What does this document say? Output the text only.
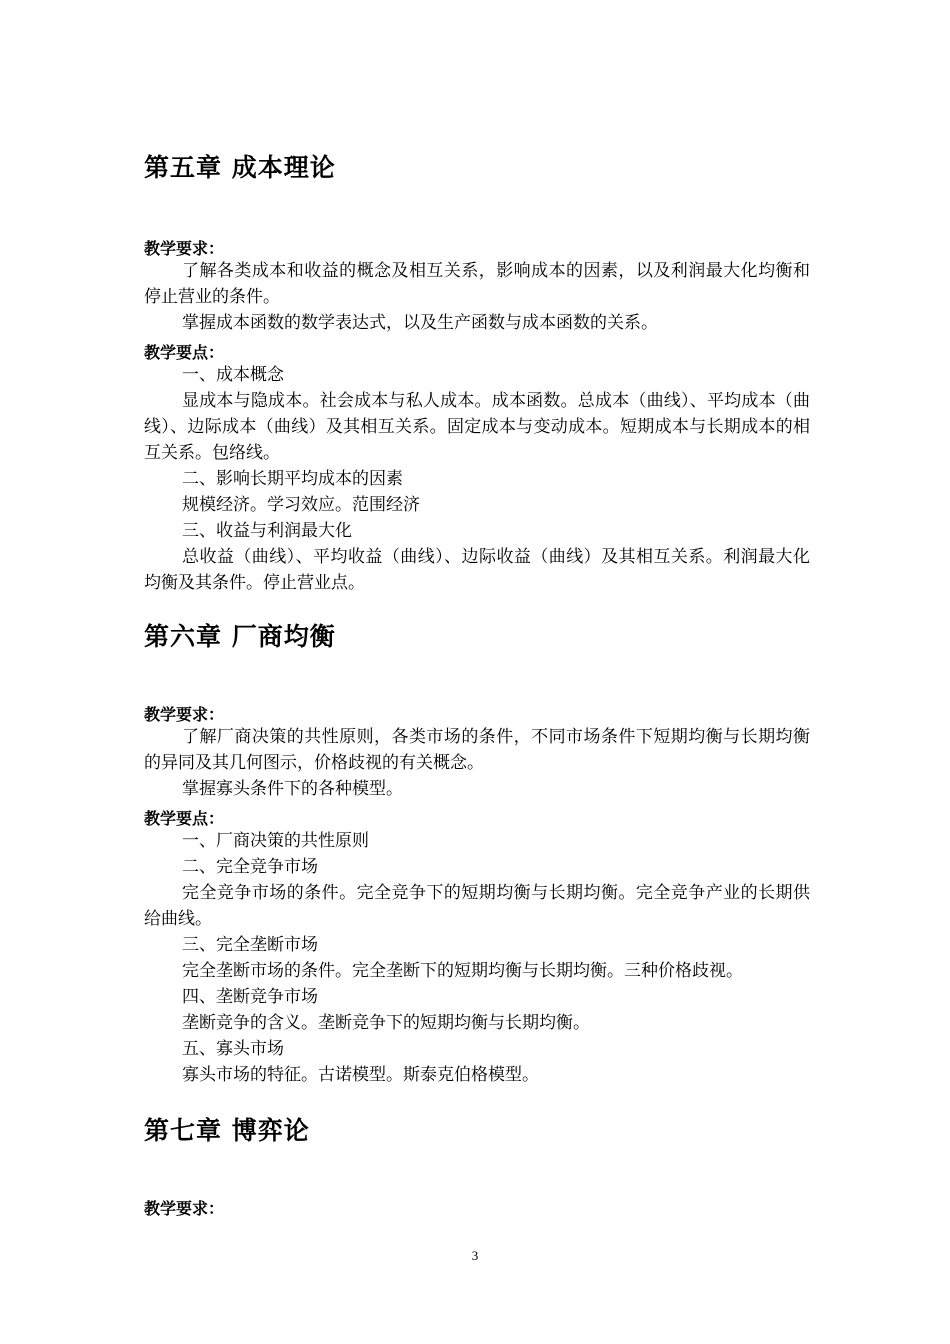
第五章 成本理论
教学要求：

了解各类成本和收益的概念及相互关系，影响成本的因素，以及利润最大化均衡和停止营业的条件。

掌握成本函数的数学表达式，以及生产函数与成本函数的关系。

教学要点：
一、成本概念

显成本与隐成本。社会成本与私人成本。成本函数。总成本（曲线）、平均成本（曲线）、边际成本（曲线）及其相互关系。固定成本与变动成本。短期成本与长期成本的相互关系。包络线。

二、影响长期平均成本的因素
规模经济。学习效应。范围经济
三、收益与利润最大化

总收益（曲线）、平均收益（曲线）、边际收益（曲线）及其相互关系。利润最大化均衡及其条件。停止营业点。

第六章 厂商均衡
教学要求：

了解厂商决策的共性原则，各类市场的条件，不同市场条件下短期均衡与长期均衡的异同及其几何图示，价格歧视的有关概念。

掌握寡头条件下的各种模型。

教学要点：
一、厂商决策的共性原则
二、完全竞争市场

完全竞争市场的条件。完全竞争下的短期均衡与长期均衡。完全竞争产业的长期供给曲线。

三、完全垄断市场
完全垄断市场的条件。完全垄断下的短期均衡与长期均衡。三种价格歧视。
四、垄断竞争市场
垄断竞争的含义。垄断竞争下的短期均衡与长期均衡。
五、寡头市场
寡头市场的特征。古诺模型。斯泰克伯格模型。
第七章 博弈论
教学要求：
3
